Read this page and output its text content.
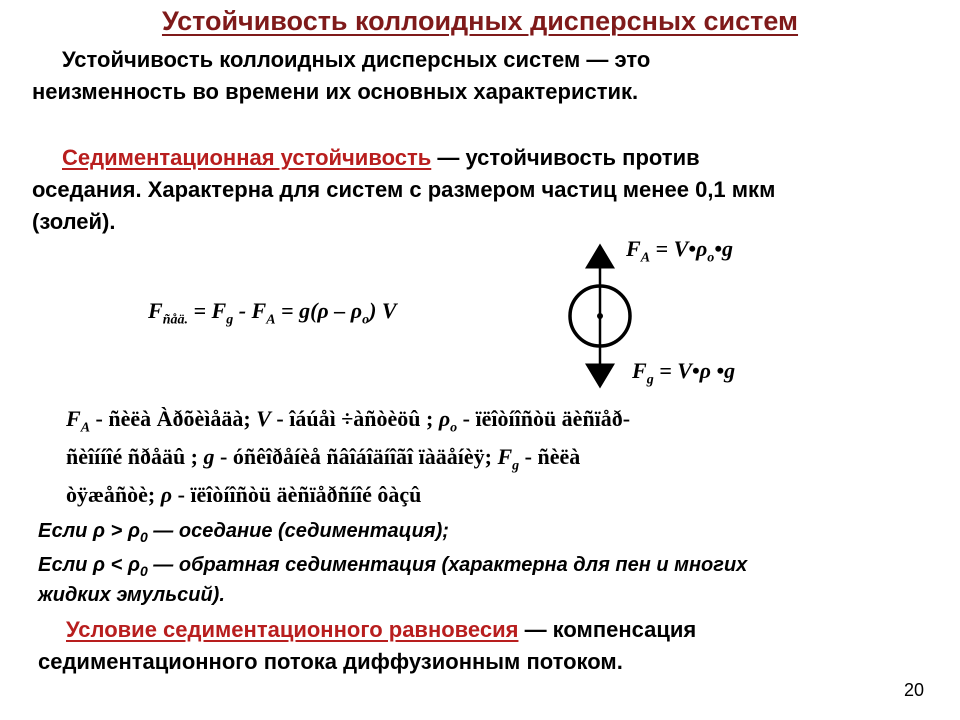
Устойчивость коллоидных дисперсных систем
Устойчивость коллоидных дисперсных систем — это
неизменность во времени их основных характеристик.
Седиментационная устойчивость — устойчивость против
оседания. Характерна для систем с размером частиц менее 0,1 мкм
(золей).
$F_A$ = $V•\rho_o•g$
$F_{ñåä.} = F_g - F_A = g(\rho - \rho_o)$ V
$F_g$ = V•ρ •g
$F_A$ - ñèëà Àðõèìåäà; V - îáúåì ÷àñòèöû ; $\rho_o$ - ïëîòíîñòü äèñïåð-
ñèîííîé ñðåäû ; g - óñêîðåíèå ñâîáîäíîãî ïàäåíèÿ; $F_g$ - ñèëà
òÿæåñòè; ρ - ïëîòíîñòü äèñïåðñíîé ôàçû
Если $\rho > \rho_0$ — оседание (седиментация);
Если $\rho < \rho_0$ — обратная седиментация (характерна для пен и многих
жидких эмульсий).
Условие седиментационного равновесия — компенсация
седиментационного потока диффузионным потоком.
20
